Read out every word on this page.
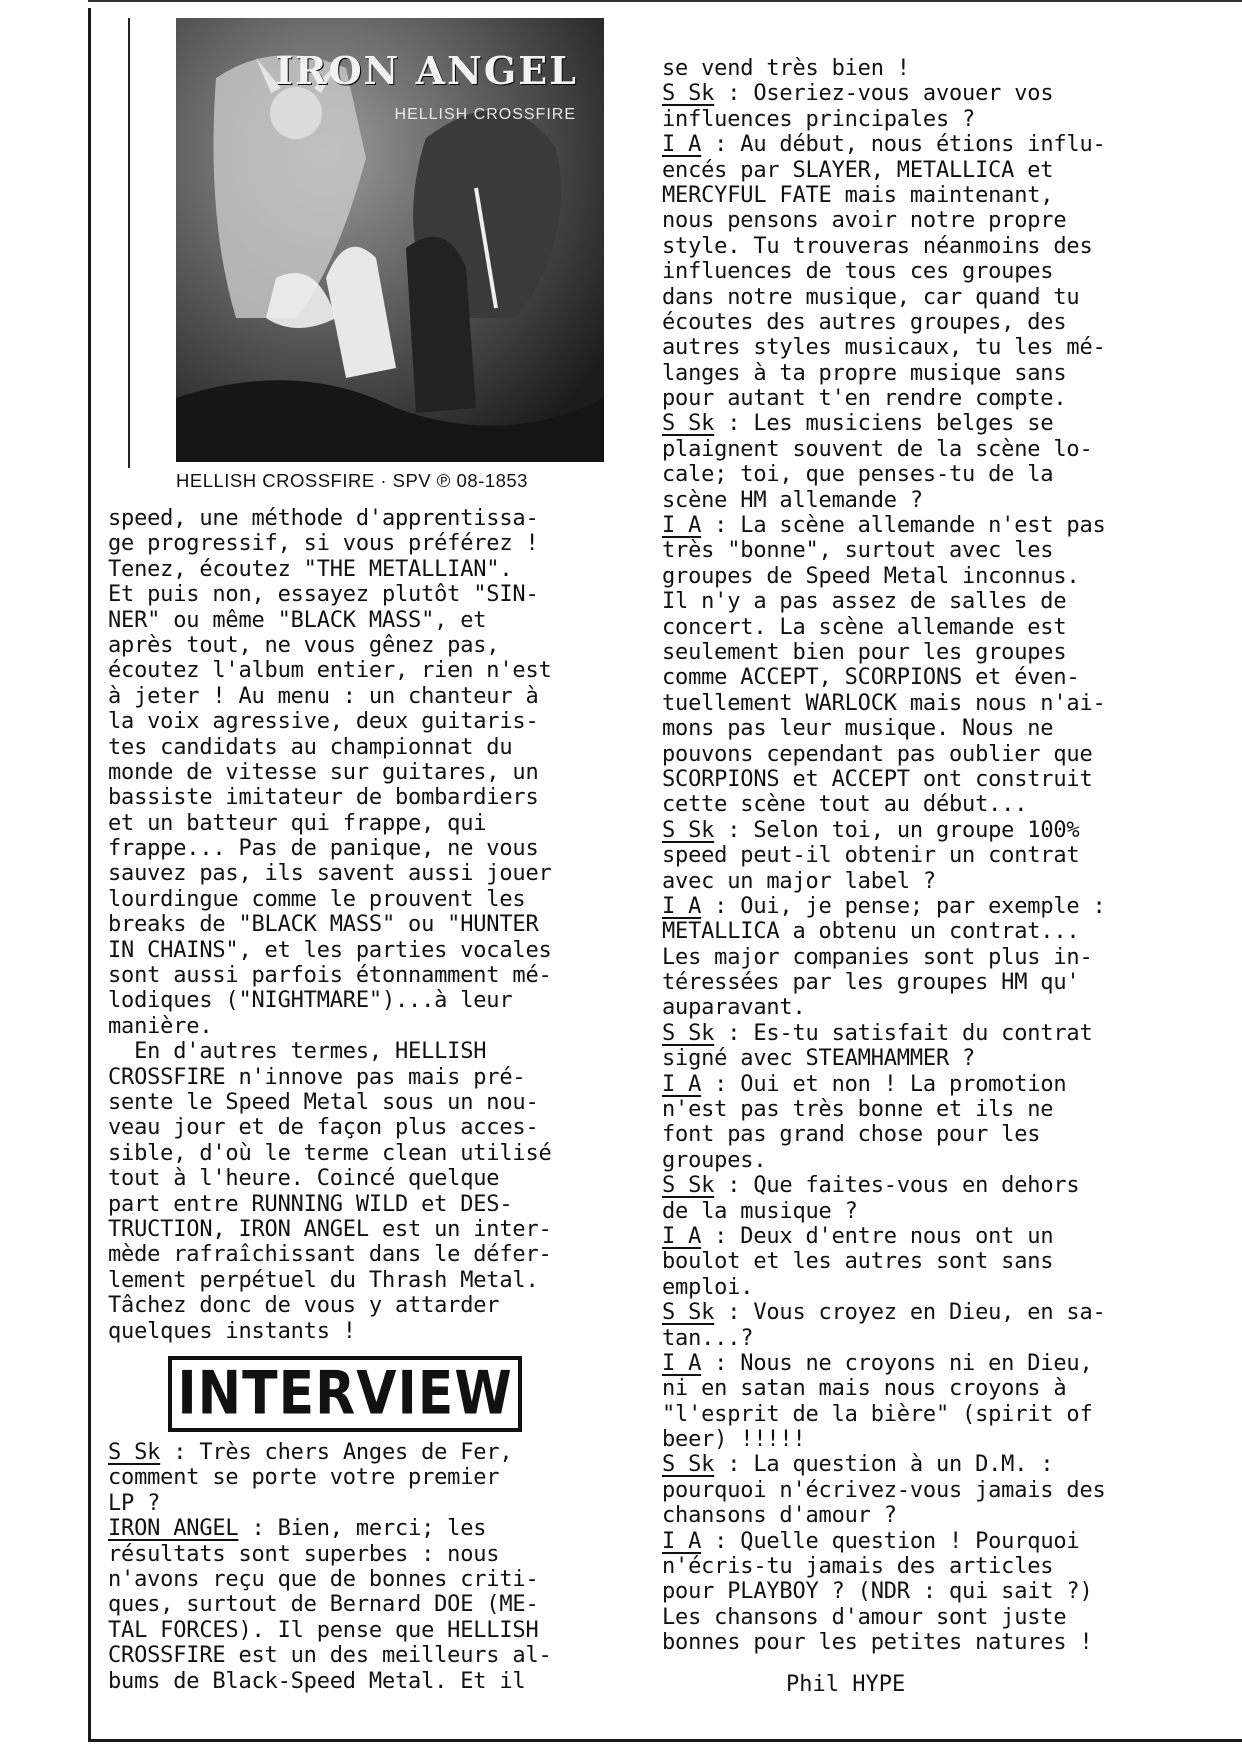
IRON ANGEL
HELLISH CROSSFIRE
HELLISH CROSSFIRE · SPV ℗ 08-1853
speed, une méthode d'apprentissa-
ge progressif, si vous préférez !
Tenez, écoutez "THE METALLIAN".
Et puis non, essayez plutôt "SIN-
NER" ou même "BLACK MASS", et
après tout, ne vous gênez pas,
écoutez l'album entier, rien n'est
à jeter ! Au menu : un chanteur à
la voix agressive, deux guitaris-
tes candidats au championnat du
monde de vitesse sur guitares, un
bassiste imitateur de bombardiers
et un batteur qui frappe, qui
frappe... Pas de panique, ne vous
sauvez pas, ils savent aussi jouer
lourdingue comme le prouvent les
breaks de "BLACK MASS" ou "HUNTER
IN CHAINS", et les parties vocales
sont aussi parfois étonnamment mé-
lodiques ("NIGHTMARE")...à leur
manière.
En d'autres termes, HELLISH
CROSSFIRE n'innove pas mais pré-
sente le Speed Metal sous un nou-
veau jour et de façon plus acces-
sible, d'où le terme clean utilisé
tout à l'heure. Coincé quelque
part entre RUNNING WILD et DES-
TRUCTION, IRON ANGEL est un inter-
mède rafraîchissant dans le défer-
lement perpétuel du Thrash Metal.
Tâchez donc de vous y attarder
quelques instants !
INTERVIEW
S Sk : Très chers Anges de Fer,
comment se porte votre premier
LP ?
IRON ANGEL : Bien, merci; les
résultats sont superbes : nous
n'avons reçu que de bonnes criti-
ques, surtout de Bernard DOE (ME-
TAL FORCES). Il pense que HELLISH
CROSSFIRE est un des meilleurs al-
bums de Black-Speed Metal. Et il
se vend très bien !
S Sk : Oseriez-vous avouer vos
influences principales ?
I A : Au début, nous étions influ-
encés par SLAYER, METALLICA et
MERCYFUL FATE mais maintenant,
nous pensons avoir notre propre
style. Tu trouveras néanmoins des
influences de tous ces groupes
dans notre musique, car quand tu
écoutes des autres groupes, des
autres styles musicaux, tu les mé-
langes à ta propre musique sans
pour autant t'en rendre compte.
S Sk : Les musiciens belges se
plaignent souvent de la scène lo-
cale; toi, que penses-tu de la
scène HM allemande ?
I A : La scène allemande n'est pas
très "bonne", surtout avec les
groupes de Speed Metal inconnus.
Il n'y a pas assez de salles de
concert. La scène allemande est
seulement bien pour les groupes
comme ACCEPT, SCORPIONS et éven-
tuellement WARLOCK mais nous n'ai-
mons pas leur musique. Nous ne
pouvons cependant pas oublier que
SCORPIONS et ACCEPT ont construit
cette scène tout au début...
S Sk : Selon toi, un groupe 100%
speed peut-il obtenir un contrat
avec un major label ?
I A : Oui, je pense; par exemple :
METALLICA a obtenu un contrat...
Les major companies sont plus in-
téressées par les groupes HM qu'
auparavant.
S Sk : Es-tu satisfait du contrat
signé avec STEAMHAMMER ?
I A : Oui et non ! La promotion
n'est pas très bonne et ils ne
font pas grand chose pour les
groupes.
S Sk : Que faites-vous en dehors
de la musique ?
I A : Deux d'entre nous ont un
boulot et les autres sont sans
emploi.
S Sk : Vous croyez en Dieu, en sa-
tan...?
I A : Nous ne croyons ni en Dieu,
ni en satan mais nous croyons à
"l'esprit de la bière" (spirit of
beer) !!!!!
S Sk : La question à un D.M. :
pourquoi n'écrivez-vous jamais des
chansons d'amour ?
I A : Quelle question ! Pourquoi
n'écris-tu jamais des articles
pour PLAYBOY ? (NDR : qui sait ?)
Les chansons d'amour sont juste
bonnes pour les petites natures !
Phil HYPE
